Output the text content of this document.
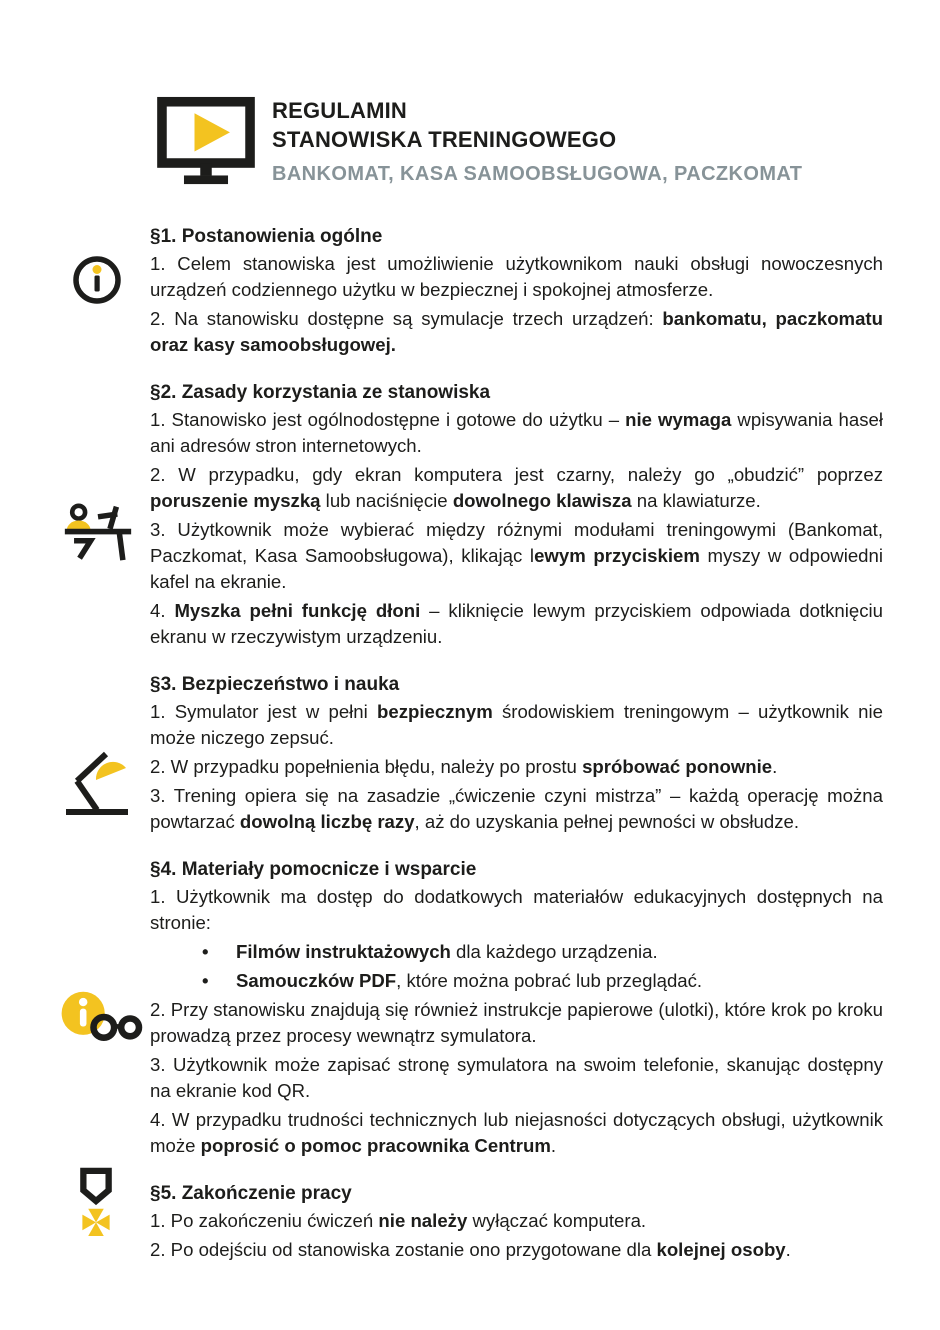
REGULAMIN
STANOWISKA TRENINGOWEGO
BANKOMAT, KASA SAMOOBSŁUGOWA, PACZKOMAT
§1. Postanowienia ogólne

1. Celem stanowiska jest umożliwienie użytkownikom nauki obsługi nowoczesnych urządzeń codziennego użytku w bezpiecznej i spokojnej atmosferze.

2. Na stanowisku dostępne są symulacje trzech urządzeń: bankomatu, paczkomatu oraz kasy samoobsługowej.

§2. Zasady korzystania ze stanowiska

1. Stanowisko jest ogólnodostępne i gotowe do użytku – nie wymaga wpisywania haseł ani adresów stron internetowych.

2. W przypadku, gdy ekran komputera jest czarny, należy go „obudzić” poprzez poruszenie myszką lub naciśnięcie dowolnego klawisza na klawiaturze.

3. Użytkownik może wybierać między różnymi modułami treningowymi (Bankomat, Paczkomat, Kasa Samoobsługowa), klikając lewym przyciskiem myszy w odpowiedni kafel na ekranie.

4. Myszka pełni funkcję dłoni – kliknięcie lewym przyciskiem odpowiada dotknięciu ekranu w rzeczywistym urządzeniu.

§3. Bezpieczeństwo i nauka

1. Symulator jest w pełni bezpiecznym środowiskiem treningowym – użytkownik nie może niczego zepsuć.

2. W przypadku popełnienia błędu, należy po prostu spróbować ponownie.

3. Trening opiera się na zasadzie „ćwiczenie czyni mistrza” – każdą operację można powtarzać dowolną liczbę razy, aż do uzyskania pełnej pewności w obsłudze.

§4. Materiały pomocnicze i wsparcie

1. Użytkownik ma dostęp do dodatkowych materiałów edukacyjnych dostępnych na stronie:

•	Filmów instruktażowych dla każdego urządzenia.
•	Samouczków PDF, które można pobrać lub przeglądać.

2. Przy stanowisku znajdują się również instrukcje papierowe (ulotki), które krok po kroku prowadzą przez procesy wewnątrz symulatora.

3. Użytkownik może zapisać stronę symulatora na swoim telefonie, skanując dostępny na ekranie kod QR.

4. W przypadku trudności technicznych lub niejasności dotyczących obsługi, użytkownik może poprosić o pomoc pracownika Centrum.

§5. Zakończenie pracy

1. Po zakończeniu ćwiczeń nie należy wyłączać komputera.

2. Po odejściu od stanowiska zostanie ono przygotowane dla kolejnej osoby.
